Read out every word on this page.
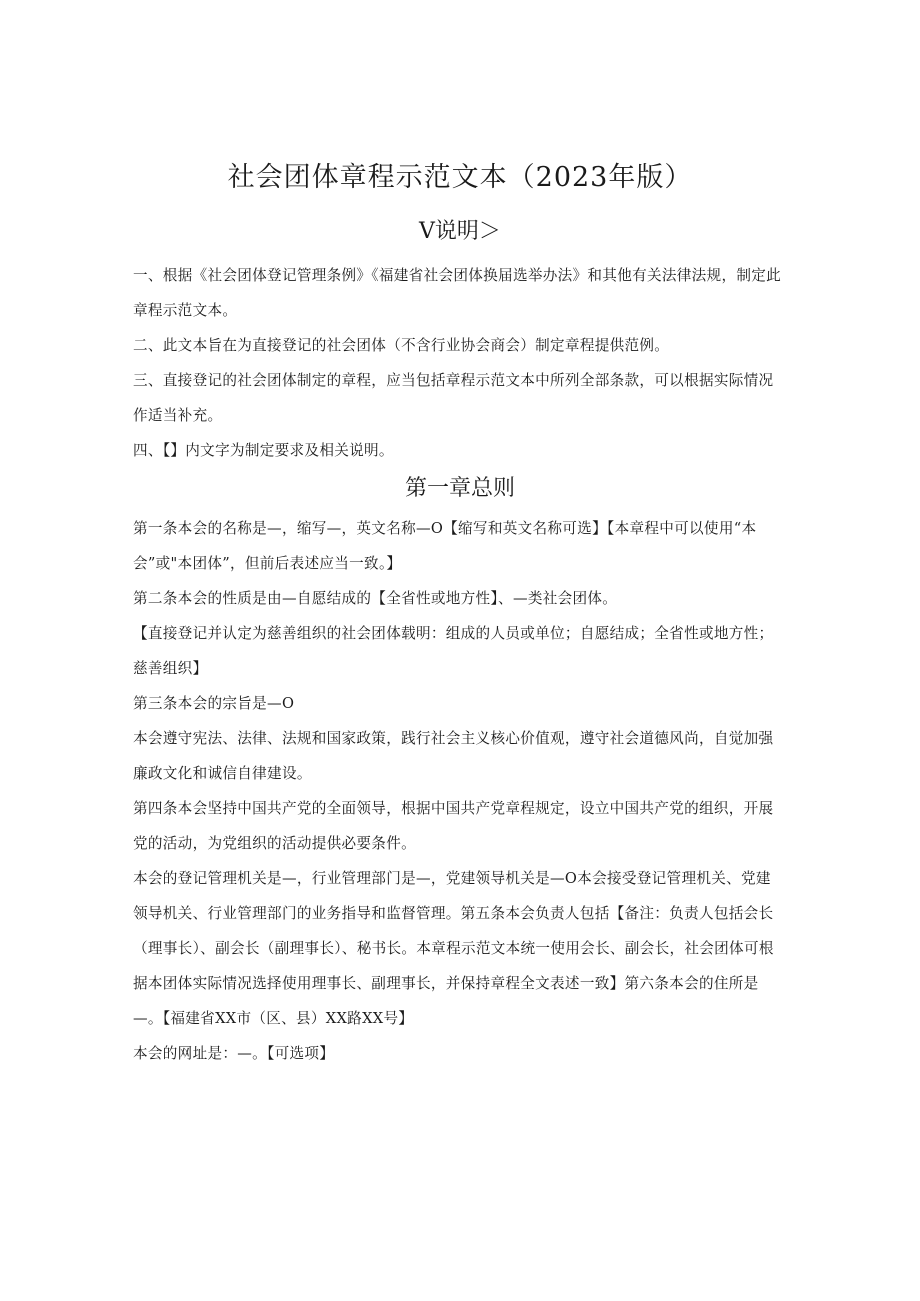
社会团体章程示范文本（2023年版）
V说明＞
一、根据《社会团体登记管理条例》《福建省社会团体换届选举办法》和其他有关法律法规，制定此章程示范文本。
二、此文本旨在为直接登记的社会团体（不含行业协会商会）制定章程提供范例。
三、直接登记的社会团体制定的章程，应当包括章程示范文本中所列全部条款，可以根据实际情况作适当补充。
四、【】内文字为制定要求及相关说明。
第一章总则
第一条本会的名称是—，缩写—，英文名称—O【缩写和英文名称可选】【本章程中可以使用“本会”或"本团体”，但前后表述应当一致。】
第二条本会的性质是由—自愿结成的【全省性或地方性】、—类社会团体。
【直接登记并认定为慈善组织的社会团体载明：组成的人员或单位；自愿结成；全省性或地方性；慈善组织】
第三条本会的宗旨是—O
本会遵守宪法、法律、法规和国家政策，践行社会主义核心价值观，遵守社会道德风尚，自觉加强廉政文化和诚信自律建设。
第四条本会坚持中国共产党的全面领导，根据中国共产党章程规定，设立中国共产党的组织，开展党的活动，为党组织的活动提供必要条件。
本会的登记管理机关是—，行业管理部门是—，党建领导机关是—O本会接受登记管理机关、党建领导机关、行业管理部门的业务指导和监督管理。第五条本会负责人包括【备注：负责人包括会长（理事长）、副会长（副理事长）、秘书长。本章程示范文本统一使用会长、副会长，社会团体可根据本团体实际情况选择使用理事长、副理事长，并保持章程全文表述一致】第六条本会的住所是—。【福建省XX市（区、县）XX路XX号】
本会的网址是：—。【可选项】
